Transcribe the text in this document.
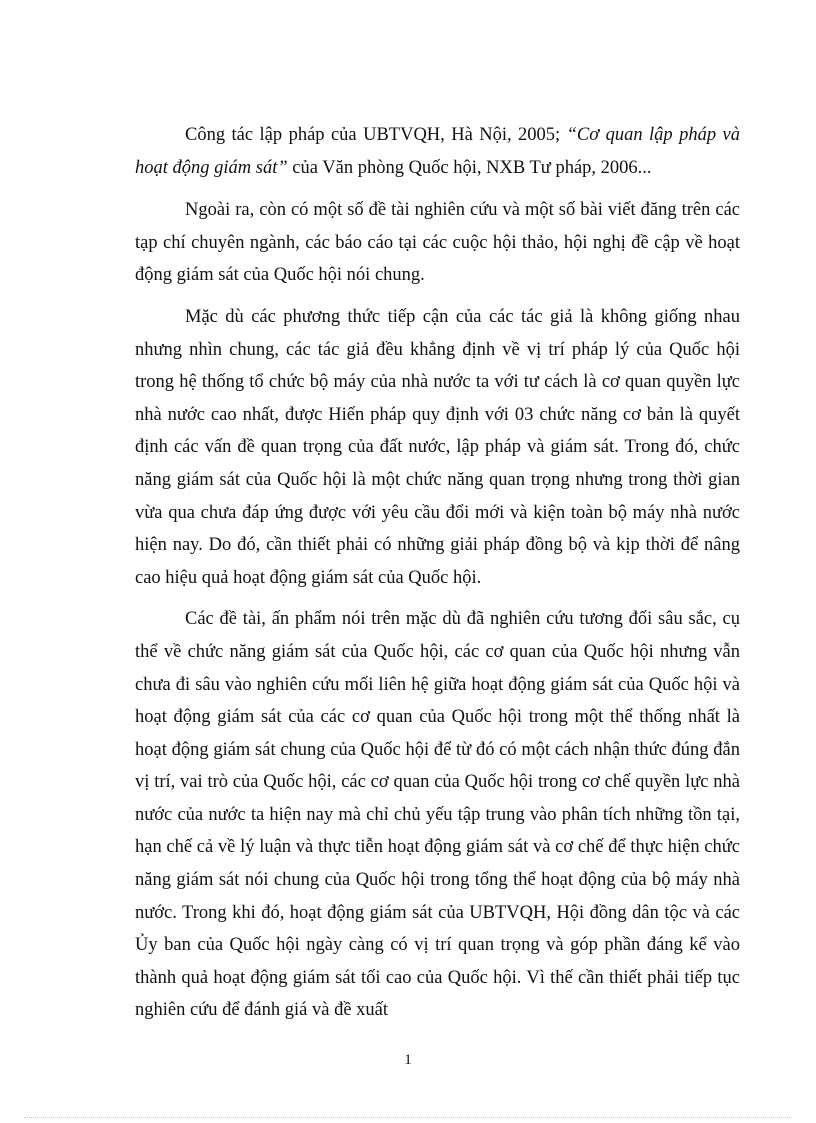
Công tác lập pháp của UBTVQH, Hà Nội, 2005; “Cơ quan lập pháp và hoạt động giám sát” của Văn phòng Quốc hội, NXB Tư pháp, 2006...

Ngoài ra, còn có một số đề tài nghiên cứu và một số bài viết đăng trên các tạp chí chuyên ngành, các báo cáo tại các cuộc hội thảo, hội nghị đề cập về hoạt động giám sát của Quốc hội nói chung.

Mặc dù các phương thức tiếp cận của các tác giả là không giống nhau nhưng nhìn chung, các tác giả đều khẳng định về vị trí pháp lý của Quốc hội trong hệ thống tổ chức bộ máy của nhà nước ta với tư cách là cơ quan quyền lực nhà nước cao nhất, được Hiến pháp quy định với 03 chức năng cơ bản là quyết định các vấn đề quan trọng của đất nước, lập pháp và giám sát. Trong đó, chức năng giám sát của Quốc hội là một chức năng quan trọng nhưng trong thời gian vừa qua chưa đáp ứng được với yêu cầu đổi mới và kiện toàn bộ máy nhà nước hiện nay. Do đó, cần thiết phải có những giải pháp đồng bộ và kịp thời để nâng cao hiệu quả hoạt động giám sát của Quốc hội.

Các đề tài, ấn phẩm nói trên mặc dù đã nghiên cứu tương đối sâu sắc, cụ thể về chức năng giám sát của Quốc hội, các cơ quan của Quốc hội nhưng vẫn chưa đi sâu vào nghiên cứu mối liên hệ giữa hoạt động giám sát của Quốc hội và hoạt động giám sát của các cơ quan của Quốc hội trong một thể thống nhất là hoạt động giám sát chung của Quốc hội để từ đó có một cách nhận thức đúng đắn vị trí, vai trò của Quốc hội, các cơ quan của Quốc hội trong cơ chế quyền lực nhà nước của nước ta hiện nay mà chỉ chủ yếu tập trung vào phân tích những tồn tại, hạn chế cả về lý luận và thực tiễn hoạt động giám sát và cơ chế để thực hiện chức năng giám sát nói chung của Quốc hội trong tổng thể hoạt động của bộ máy nhà nước. Trong khi đó, hoạt động giám sát của UBTVQH, Hội đồng dân tộc và các Ủy ban của Quốc hội ngày càng có vị trí quan trọng và góp phần đáng kể vào thành quả hoạt động giám sát tối cao của Quốc hội. Vì thế cần thiết phải tiếp tục nghiên cứu để đánh giá và đề xuất

1
